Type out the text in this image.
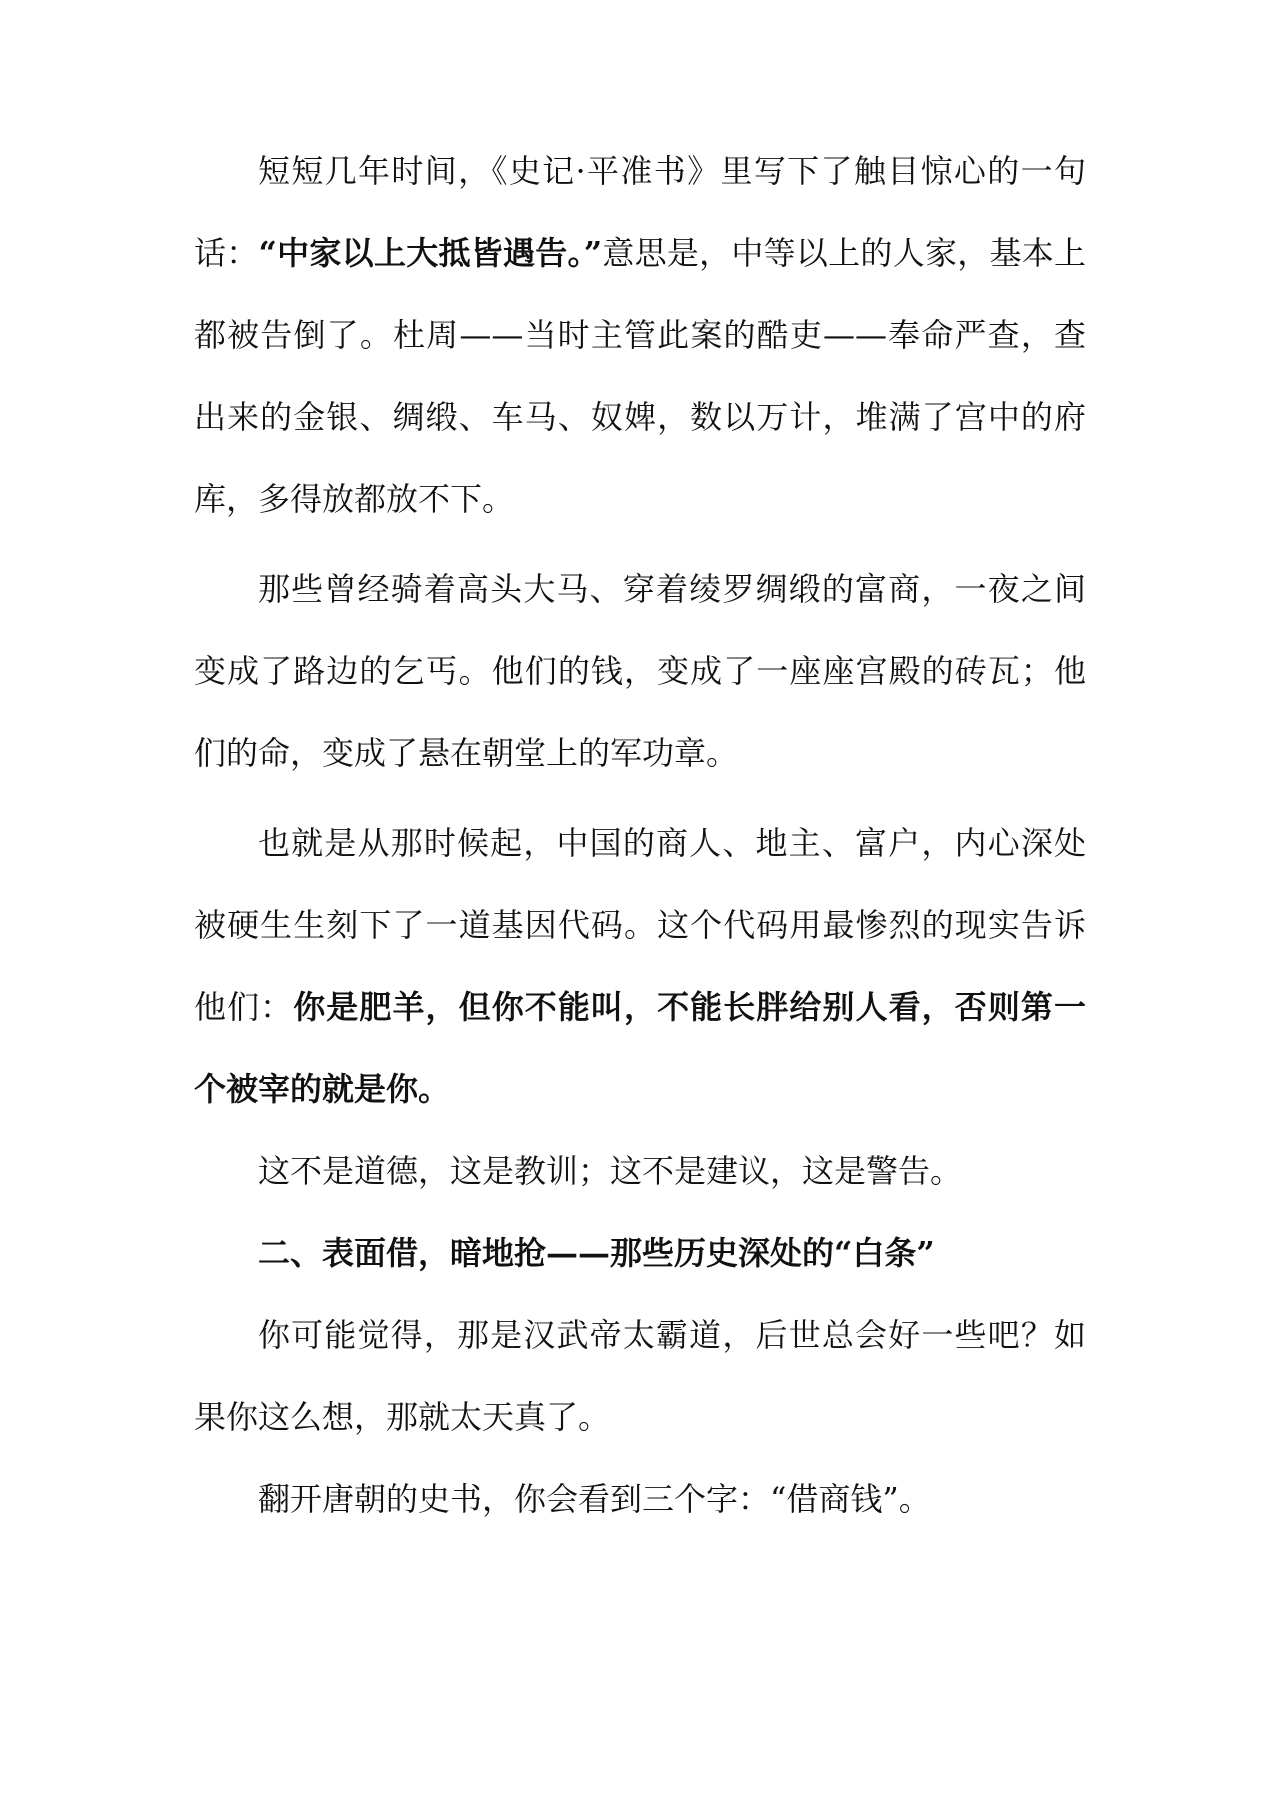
短短几年时间，《史记·平准书》里写下了触目惊心的一句话：“中家以上大抵皆遇告。”意思是，中等以上的人家，基本上都被告倒了。杜周——当时主管此案的酷吏——奉命严查，查出来的金银、绸缎、车马、奴婢，数以万计，堆满了宫中的府库，多得放都放不下。

那些曾经骑着高头大马、穿着绫罗绸缎的富商，一夜之间变成了路边的乞丐。他们的钱，变成了一座座宫殿的砖瓦；他们的命，变成了悬在朝堂上的军功章。

也就是从那时候起，中国的商人、地主、富户，内心深处被硬生生刻下了一道基因代码。这个代码用最惨烈的现实告诉他们：你是肥羊，但你不能叫，不能长胖给别人看，否则第一个被宰的就是你。

这不是道德，这是教训；这不是建议，这是警告。

二、表面借，暗地抢——那些历史深处的“白条”

你可能觉得，那是汉武帝太霸道，后世总会好一些吧？如果你这么想，那就太天真了。

翻开唐朝的史书，你会看到三个字：“借商钱”。
